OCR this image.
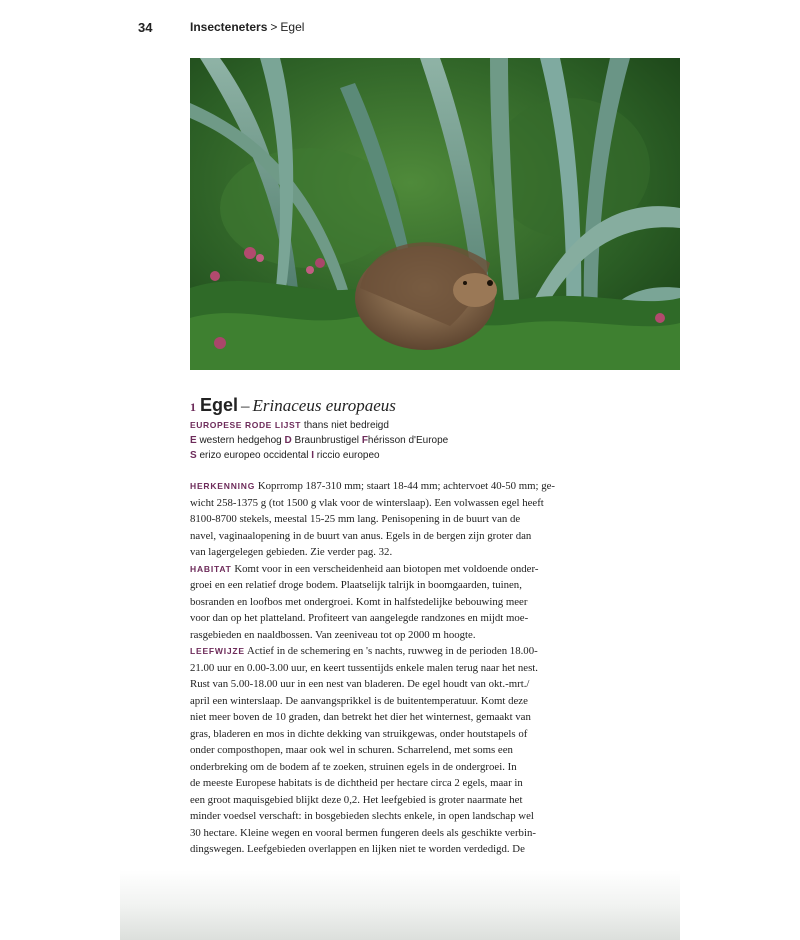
34	Insecteneters > Egel
1 Egel – Erinaceus europaeus
EUROPESE RODE LIJST thans niet bedreigd
E western hedgehog D Braunbrustigel Fhérisson d'Europe
S erizo europeo occidental I riccio europeo
HERKENNING Koprromp 187-310 mm; staart 18-44 mm; achtervoet 40-50 mm; ge-
wicht 258-1375 g (tot 1500 g vlak voor de winterslaap). Een volwassen egel heeft
8100-8700 stekels, meestal 15-25 mm lang. Penisopening in de buurt van de
navel, vaginaalopening in de buurt van anus. Egels in de bergen zijn groter dan
van lagergelegen gebieden. Zie verder pag. 32.
HABITAT Komt voor in een verscheidenheid aan biotopen met voldoende onder-
groei en een relatief droge bodem. Plaatselijk talrijk in boomgaarden, tuinen,
bosranden en loofbos met ondergroei. Komt in halfstedelijke bebouwing meer
voor dan op het platteland. Profiteert van aangelegde randzones en mijdt moe-
rasgebieden en naaldbossen. Van zeeniveau tot op 2000 m hoogte.
LEEFWIJZE Actief in de schemering en 's nachts, ruwweg in de perioden 18.00-
21.00 uur en 0.00-3.00 uur, en keert tussentijds enkele malen terug naar het nest.
Rust van 5.00-18.00 uur in een nest van bladeren. De egel houdt van okt.-mrt./
april een winterslaap. De aanvangsprikkel is de buitentemperatuur. Komt deze
niet meer boven de 10 graden, dan betrekt het dier het winternest, gemaakt van
gras, bladeren en mos in dichte dekking van struikgewas, onder houtstapels of
onder composthopen, maar ook wel in schuren. Scharrelend, met soms een
onderbreking om de bodem af te zoeken, struinen egels in de ondergroei. In
de meeste Europese habitats is de dichtheid per hectare circa 2 egels, maar in
een groot maquisgebied blijkt deze 0,2. Het leefgebied is groter naarmate het
minder voedsel verschaft: in bosgebieden slechts enkele, in open landschap wel
30 hectare. Kleine wegen en vooral bermen fungeren deels als geschikte verbin-
dingswegen. Leefgebieden overlappen en lijken niet te worden verdedigd. De
